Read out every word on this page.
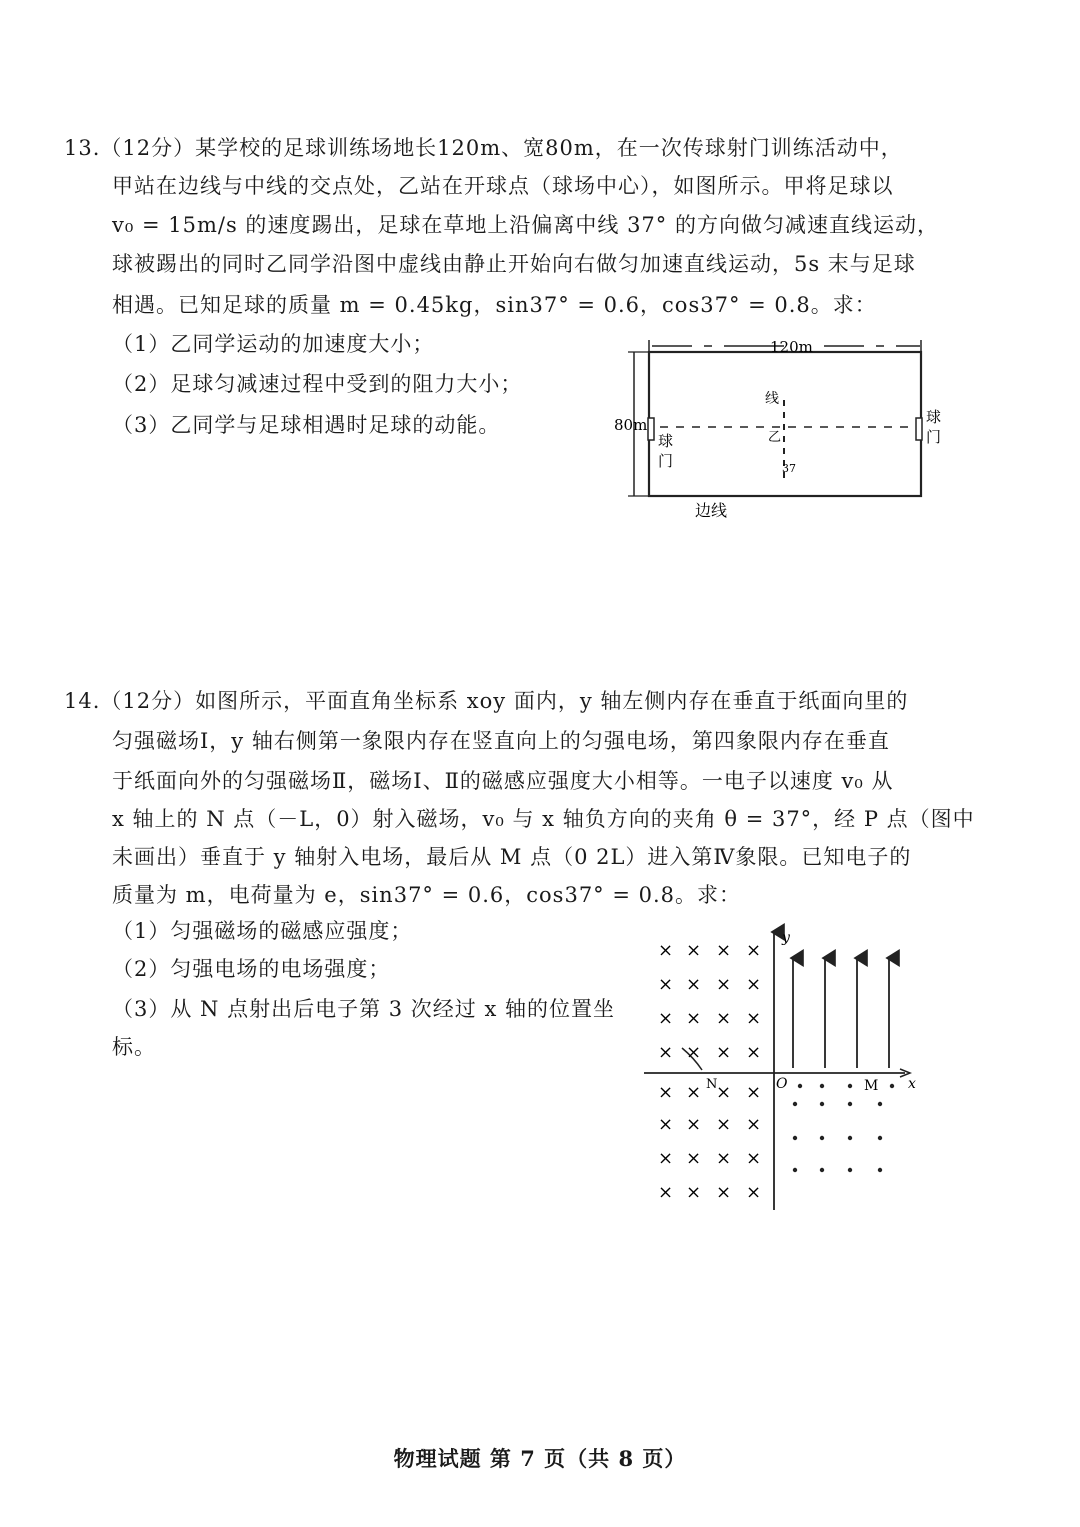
13.（12分）某学校的足球训练场地长120m、宽80m，在一次传球射门训练活动中，
甲站在边线与中线的交点处，乙站在开球点（球场中心），如图所示。甲将足球以
v₀ = 15m/s 的速度踢出，足球在草地上沿偏离中线 37° 的方向做匀减速直线运动，
球被踢出的同时乙同学沿图中虚线由静止开始向右做匀加速直线运动，5s 末与足球
相遇。已知足球的质量 m = 0.45kg，sin37° = 0.6，cos37° = 0.8。求：
（1）乙同学运动的加速度大小；
（2）足球匀减速过程中受到的阻力大小；
（3）乙同学与足球相遇时足球的动能。
120m
80m
球
门
球
门
线
乙
37
边线
14.（12分）如图所示，平面直角坐标系 xoy 面内，y 轴左侧内存在垂直于纸面向里的
匀强磁场Ⅰ，y 轴右侧第一象限内存在竖直向上的匀强电场，第四象限内存在垂直
于纸面向外的匀强磁场Ⅱ，磁场Ⅰ、Ⅱ的磁感应强度大小相等。一电子以速度 v₀ 从
x 轴上的 N 点（－L，0）射入磁场，v₀ 与 x 轴负方向的夹角 θ = 37°，经 P 点（图中
未画出）垂直于 y 轴射入电场，最后从 M 点（0 2L）进入第Ⅳ象限。已知电子的
质量为 m，电荷量为 e，sin37° = 0.6，cos37° = 0.8。求：
（1）匀强磁场的磁感应强度；
（2）匀强电场的电场强度；
（3）从 N 点射出后电子第 3 次经过 x 轴的位置坐
标。
y
x
O
N	M
× × × ×
× × × ×
× × × ×
× × × ×
× × × ×
× × × ×
× × × ×
× × × ×
物理试题 第 7 页（共 8 页）
